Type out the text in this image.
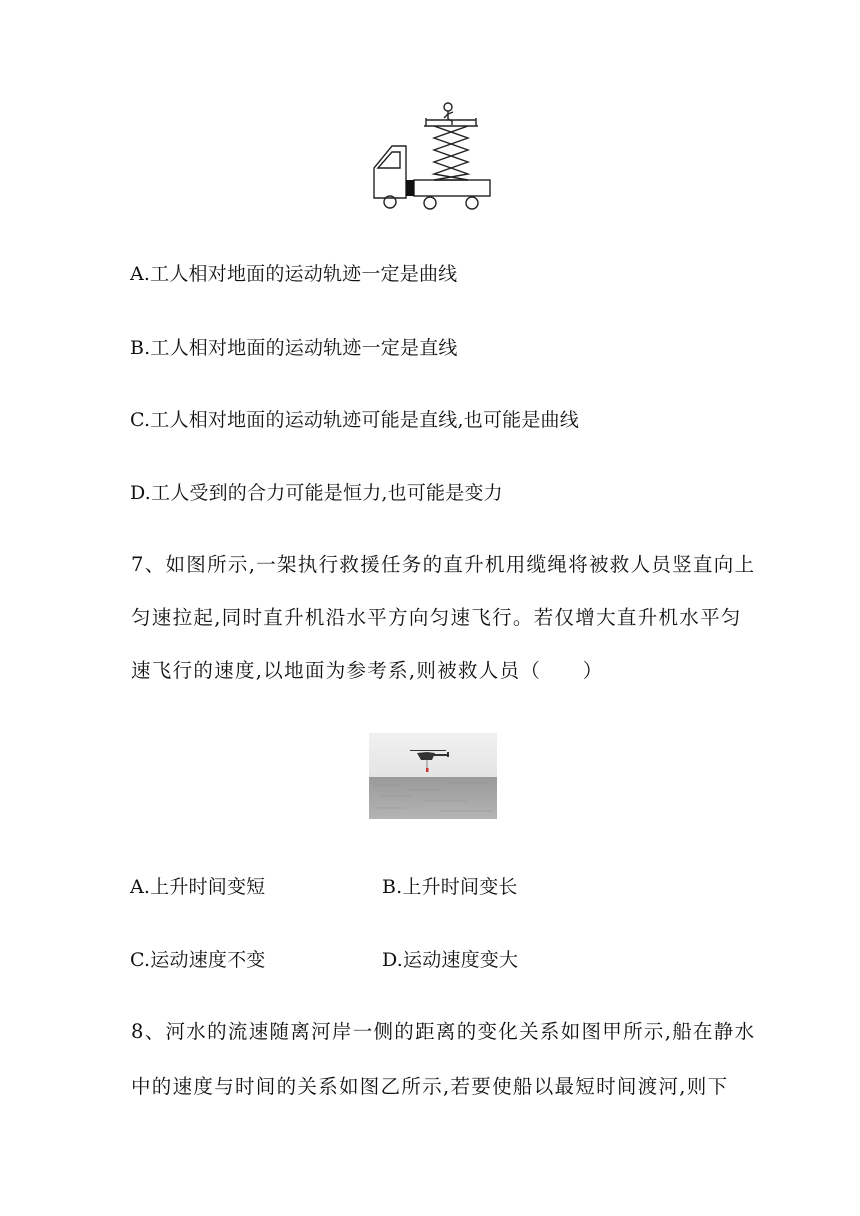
A.工人相对地面的运动轨迹一定是曲线
B.工人相对地面的运动轨迹一定是直线
C.工人相对地面的运动轨迹可能是直线,也可能是曲线
D.工人受到的合力可能是恒力,也可能是变力
7、如图所示,一架执行救援任务的直升机用缆绳将被救人员竖直向上
匀速拉起,同时直升机沿水平方向匀速飞行。若仅增大直升机水平匀
速飞行的速度,以地面为参考系,则被救人员（　　）
A.上升时间变短	B.上升时间变长
C.运动速度不变	D.运动速度变大
8、河水的流速随离河岸一侧的距离的变化关系如图甲所示,船在静水
中的速度与时间的关系如图乙所示,若要使船以最短时间渡河,则下
